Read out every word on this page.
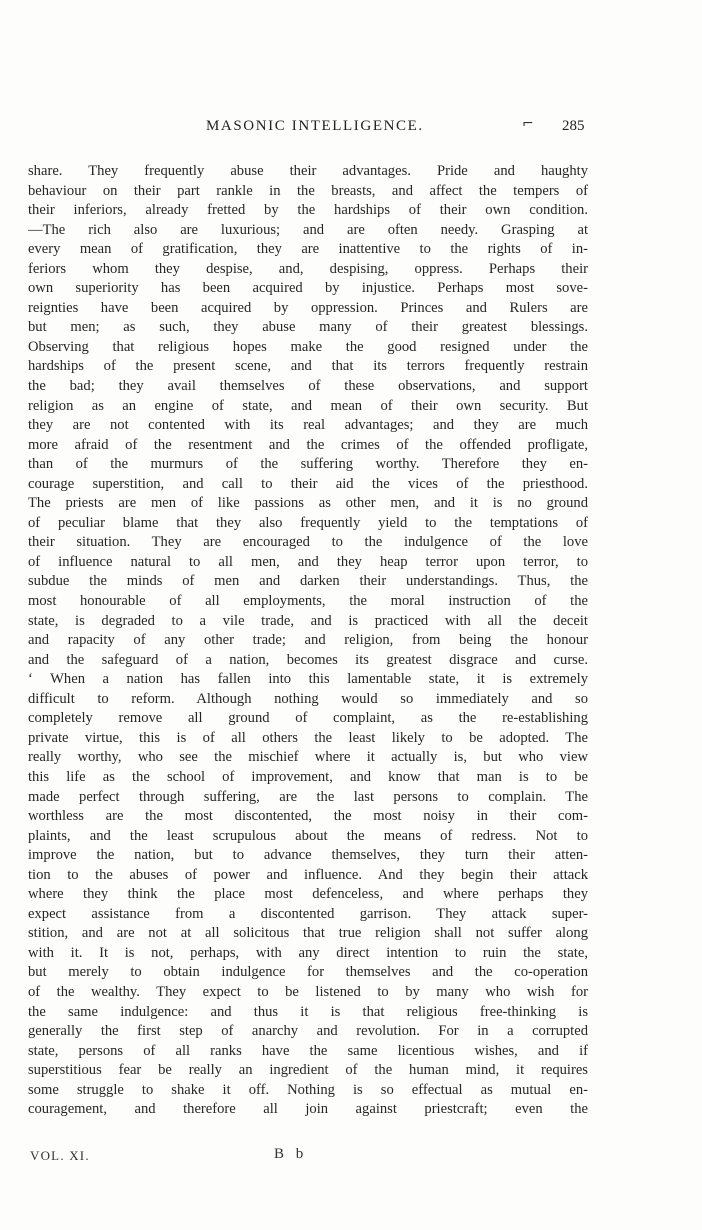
MASONIC INTELLIGENCE.	⌐ 285
share. They frequently abuse their advantages. Pride and haughty
behaviour on their part rankle in the breasts, and affect the tempers of
their inferiors, already fretted by the hardships of their own condition.
—The rich also are luxurious; and are often needy. Grasping at
every mean of gratification, they are inattentive to the rights of in-
feriors whom they despise, and, despising, oppress. Perhaps their
own superiority has been acquired by injustice. Perhaps most sove-
reignties have been acquired by oppression. Princes and Rulers are
but men; as such, they abuse many of their greatest blessings.
Observing that religious hopes make the good resigned under the
hardships of the present scene, and that its terrors frequently restrain
the bad; they avail themselves of these observations, and support
religion as an engine of state, and mean of their own security. But
they are not contented with its real advantages; and they are much
more afraid of the resentment and the crimes of the offended profligate,
than of the murmurs of the suffering worthy. Therefore they en-
courage superstition, and call to their aid the vices of the priesthood.
The priests are men of like passions as other men, and it is no ground
of peculiar blame that they also frequently yield to the temptations of
their situation. They are encouraged to the indulgence of the love
of influence natural to all men, and they heap terror upon terror, to
subdue the minds of men and darken their understandings. Thus, the
most honourable of all employments, the moral instruction of the
state, is degraded to a vile trade, and is practiced with all the deceit
and rapacity of any other trade; and religion, from being the honour
and the safeguard of a nation, becomes its greatest disgrace and curse.
‘ When a nation has fallen into this lamentable state, it is extremely
difficult to reform. Although nothing would so immediately and so
completely remove all ground of complaint, as the re-establishing
private virtue, this is of all others the least likely to be adopted. The
really worthy, who see the mischief where it actually is, but who view
this life as the school of improvement, and know that man is to be
made perfect through suffering, are the last persons to complain. The
worthless are the most discontented, the most noisy in their com-
plaints, and the least scrupulous about the means of redress. Not to
improve the nation, but to advance themselves, they turn their atten-
tion to the abuses of power and influence. And they begin their attack
where they think the place most defenceless, and where perhaps they
expect assistance from a discontented garrison. They attack super-
stition, and are not at all solicitous that true religion shall not suffer along
with it. It is not, perhaps, with any direct intention to ruin the state,
but merely to obtain indulgence for themselves and the co-operation
of the wealthy. They expect to be listened to by many who wish for
the same indulgence: and thus it is that religious free-thinking is
generally the first step of anarchy and revolution. For in a corrupted
state, persons of all ranks have the same licentious wishes, and if
superstitious fear be really an ingredient of the human mind, it requires
some struggle to shake it off. Nothing is so effectual as mutual en-
couragement, and therefore all join against priestcraft; even the
VOL. XI.	B b
